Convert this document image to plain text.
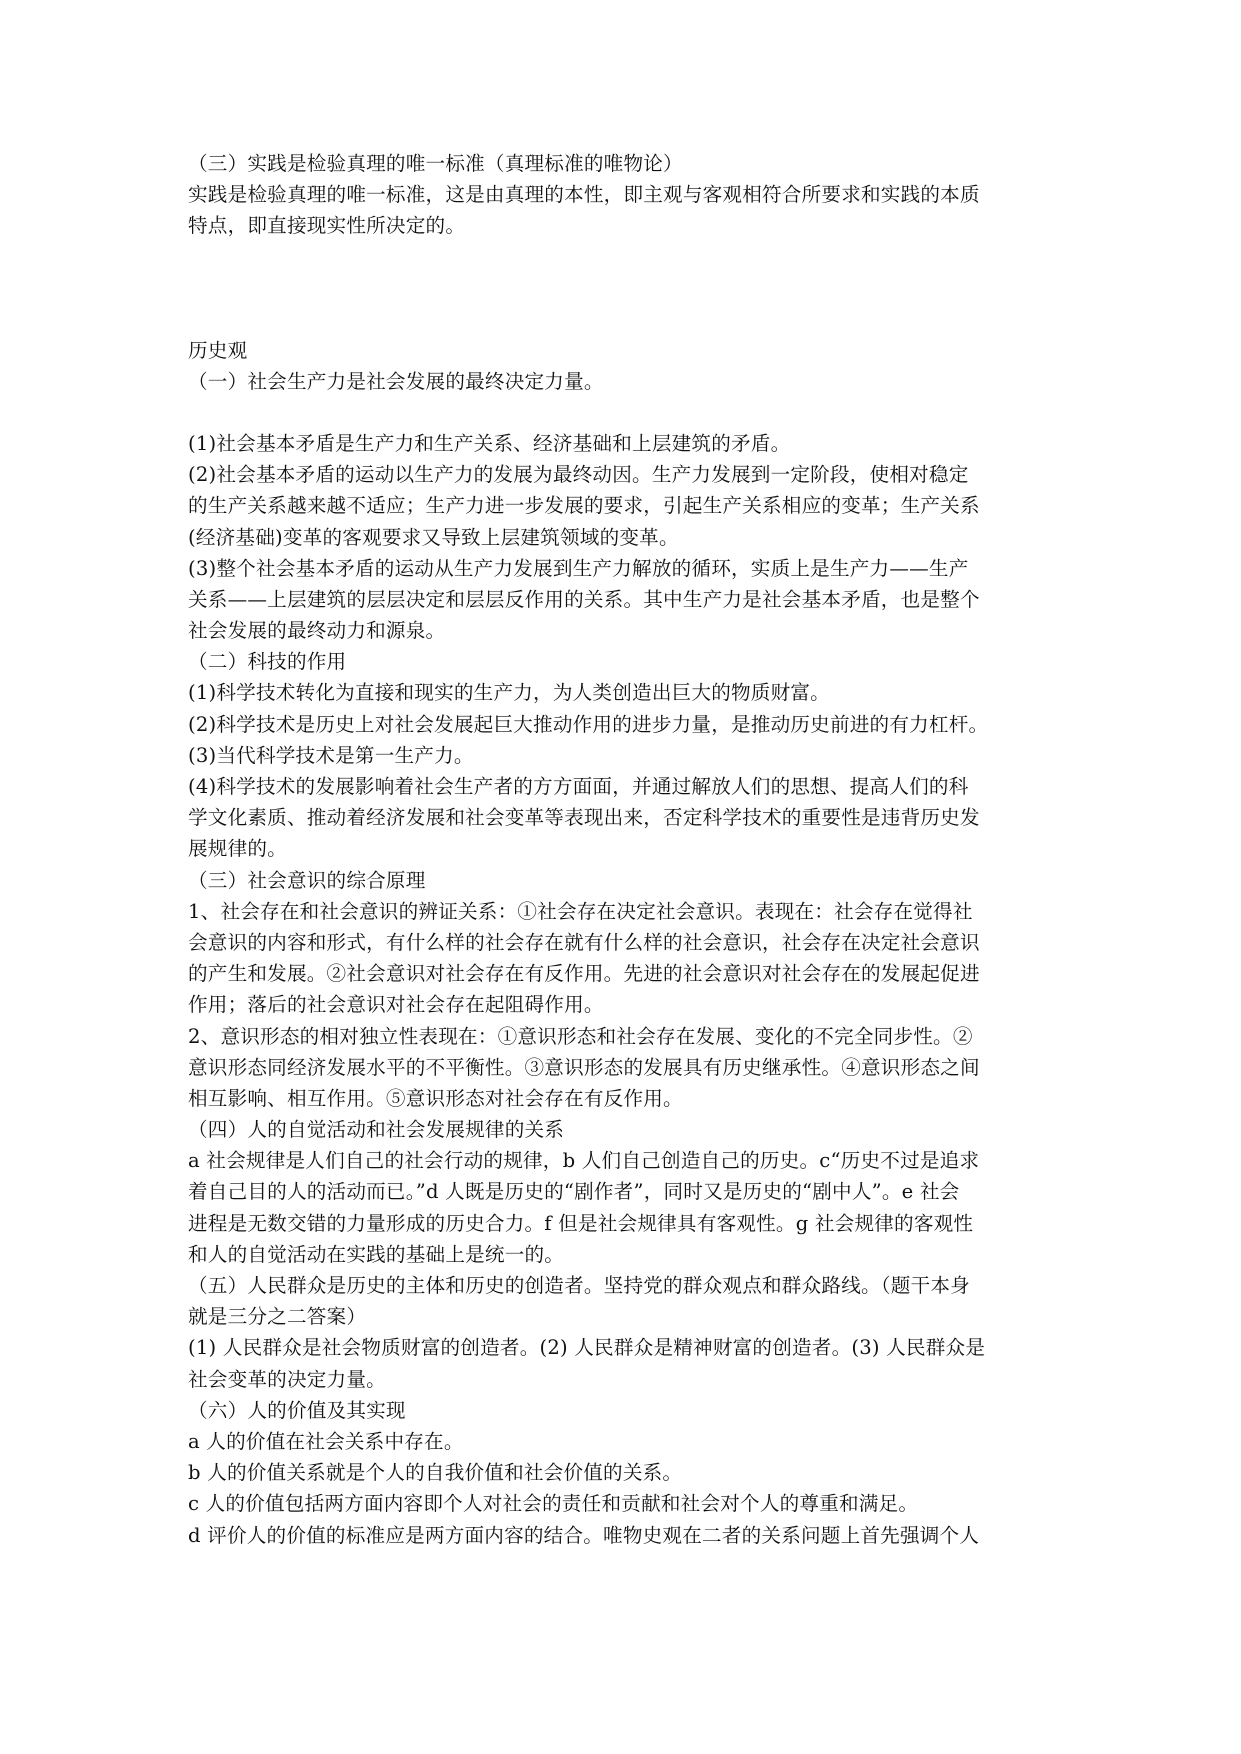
（三）实践是检验真理的唯一标准（真理标准的唯物论）
实践是检验真理的唯一标准，这是由真理的本性，即主观与客观相符合所要求和实践的本质
特点，即直接现实性所决定的。
历史观
（一）社会生产力是社会发展的最终决定力量。
(1)社会基本矛盾是生产力和生产关系、经济基础和上层建筑的矛盾。
(2)社会基本矛盾的运动以生产力的发展为最终动因。生产力发展到一定阶段，使相对稳定
的生产关系越来越不适应；生产力进一步发展的要求，引起生产关系相应的变革；生产关系
(经济基础)变革的客观要求又导致上层建筑领域的变革。
(3)整个社会基本矛盾的运动从生产力发展到生产力解放的循环，实质上是生产力——生产
关系——上层建筑的层层决定和层层反作用的关系。其中生产力是社会基本矛盾，也是整个
社会发展的最终动力和源泉。
（二）科技的作用
(1)科学技术转化为直接和现实的生产力，为人类创造出巨大的物质财富。
(2)科学技术是历史上对社会发展起巨大推动作用的进步力量，是推动历史前进的有力杠杆。
(3)当代科学技术是第一生产力。
(4)科学技术的发展影响着社会生产者的方方面面，并通过解放人们的思想、提高人们的科
学文化素质、推动着经济发展和社会变革等表现出来，否定科学技术的重要性是违背历史发
展规律的。
（三）社会意识的综合原理
1、社会存在和社会意识的辨证关系：①社会存在决定社会意识。表现在：社会存在觉得社
会意识的内容和形式，有什么样的社会存在就有什么样的社会意识，社会存在决定社会意识
的产生和发展。②社会意识对社会存在有反作用。先进的社会意识对社会存在的发展起促进
作用；落后的社会意识对社会存在起阻碍作用。
2、意识形态的相对独立性表现在：①意识形态和社会存在发展、变化的不完全同步性。②
意识形态同经济发展水平的不平衡性。③意识形态的发展具有历史继承性。④意识形态之间
相互影响、相互作用。⑤意识形态对社会存在有反作用。
（四）人的自觉活动和社会发展规律的关系
a 社会规律是人们自己的社会行动的规律，b 人们自己创造自己的历史。c“历史不过是追求
着自己目的人的活动而已。”d 人既是历史的“剧作者”，同时又是历史的“剧中人”。e 社会
进程是无数交错的力量形成的历史合力。f 但是社会规律具有客观性。g 社会规律的客观性
和人的自觉活动在实践的基础上是统一的。
（五）人民群众是历史的主体和历史的创造者。坚持党的群众观点和群众路线。（题干本身
就是三分之二答案）
(1) 人民群众是社会物质财富的创造者。(2) 人民群众是精神财富的创造者。(3) 人民群众是
社会变革的决定力量。
（六）人的价值及其实现
a 人的价值在社会关系中存在。
b 人的价值关系就是个人的自我价值和社会价值的关系。
c 人的价值包括两方面内容即个人对社会的责任和贡献和社会对个人的尊重和满足。
d 评价人的价值的标准应是两方面内容的结合。唯物史观在二者的关系问题上首先强调个人
